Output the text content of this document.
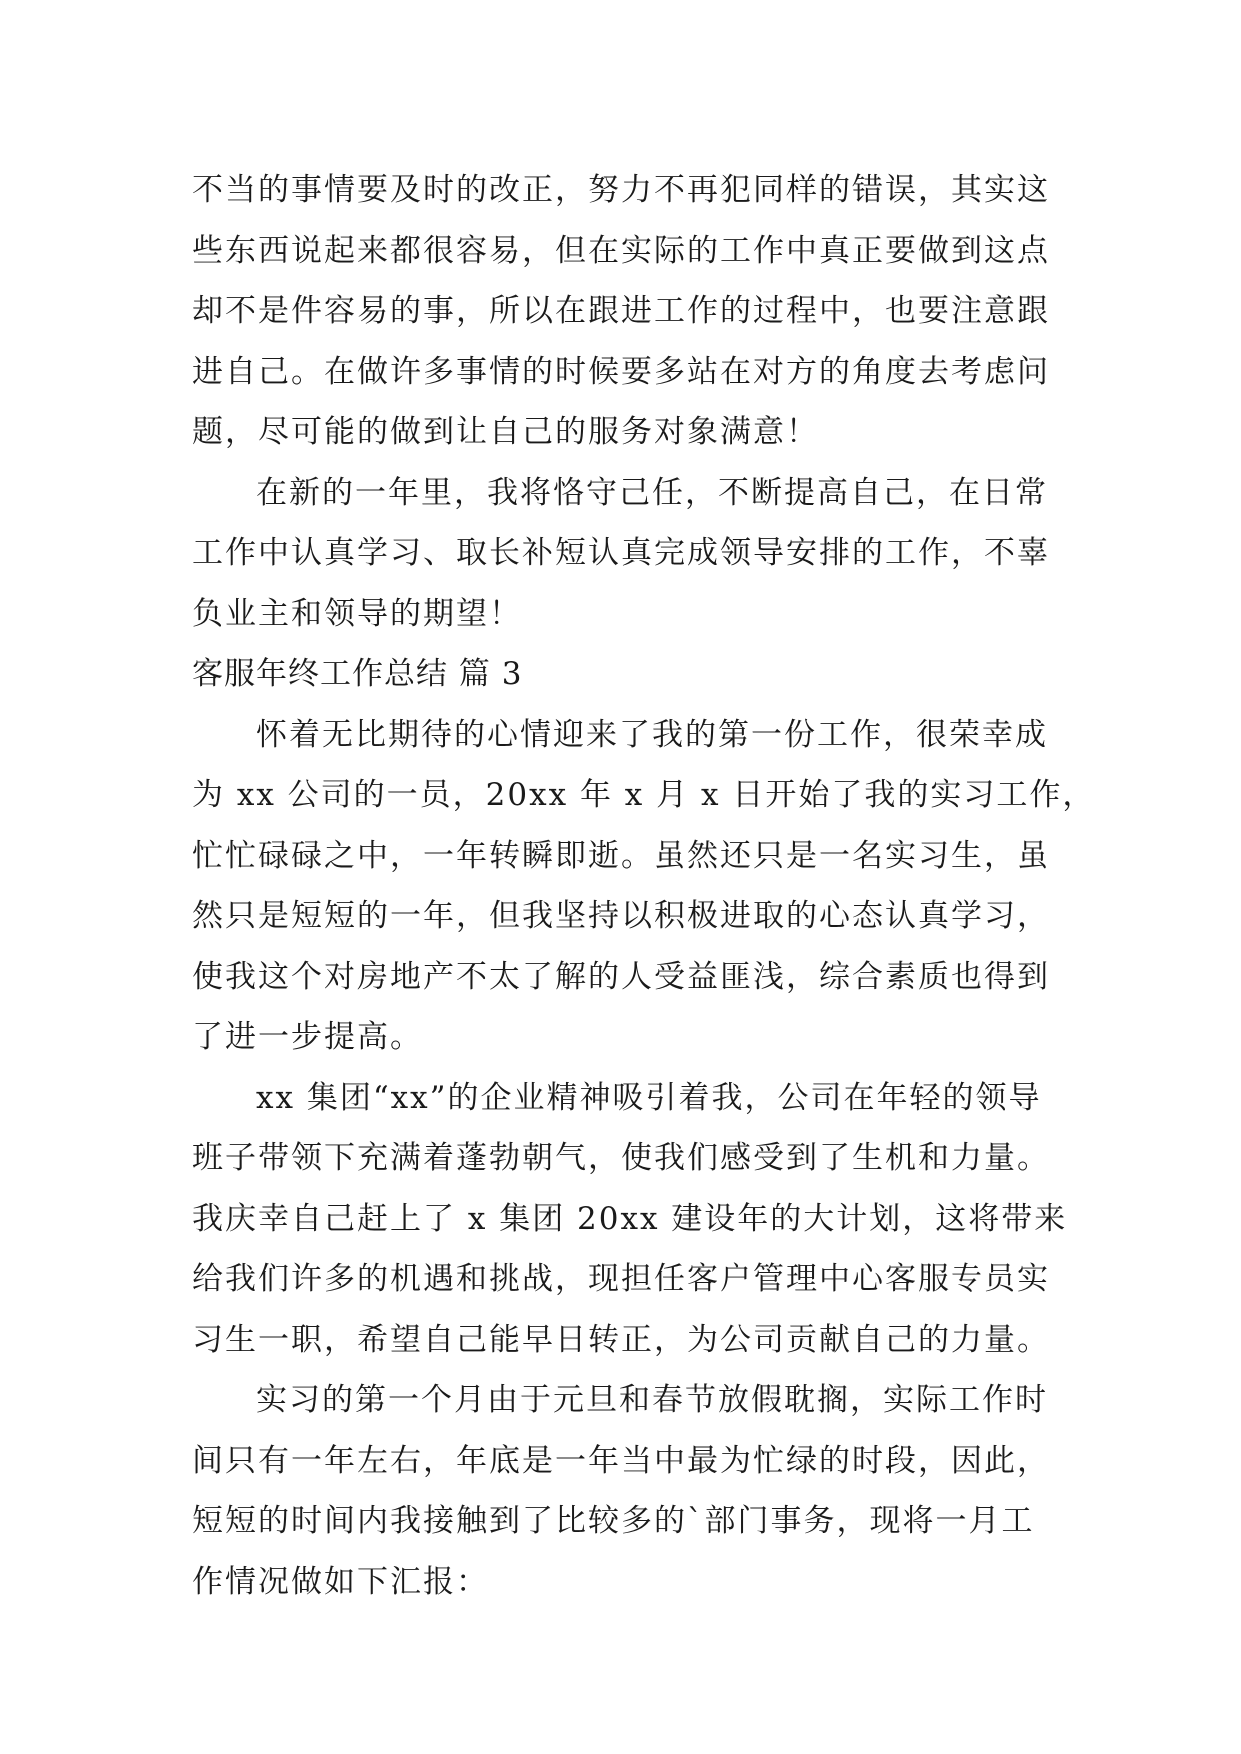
不当的事情要及时的改正，努力不再犯同样的错误，其实这
些东西说起来都很容易，但在实际的工作中真正要做到这点
却不是件容易的事，所以在跟进工作的过程中，也要注意跟
进自己。在做许多事情的时候要多站在对方的角度去考虑问
题，尽可能的做到让自己的服务对象满意！
在新的一年里，我将恪守己任，不断提高自己，在日常
工作中认真学习、取长补短认真完成领导安排的工作，不辜
负业主和领导的期望！
客服年终工作总结 篇 3
怀着无比期待的心情迎来了我的第一份工作，很荣幸成
为 xx 公司的一员，20xx 年 x 月 x 日开始了我的实习工作，
忙忙碌碌之中，一年转瞬即逝。虽然还只是一名实习生，虽
然只是短短的一年，但我坚持以积极进取的心态认真学习，
使我这个对房地产不太了解的人受益匪浅，综合素质也得到
了进一步提高。
xx 集团“xx”的企业精神吸引着我，公司在年轻的领导
班子带领下充满着蓬勃朝气，使我们感受到了生机和力量。
我庆幸自己赶上了 x 集团 20xx 建设年的大计划，这将带来
给我们许多的机遇和挑战，现担任客户管理中心客服专员实
习生一职，希望自己能早日转正，为公司贡献自己的力量。
实习的第一个月由于元旦和春节放假耽搁，实际工作时
间只有一年左右，年底是一年当中最为忙绿的时段，因此，
短短的时间内我接触到了比较多的`部门事务，现将一月工
作情况做如下汇报：
